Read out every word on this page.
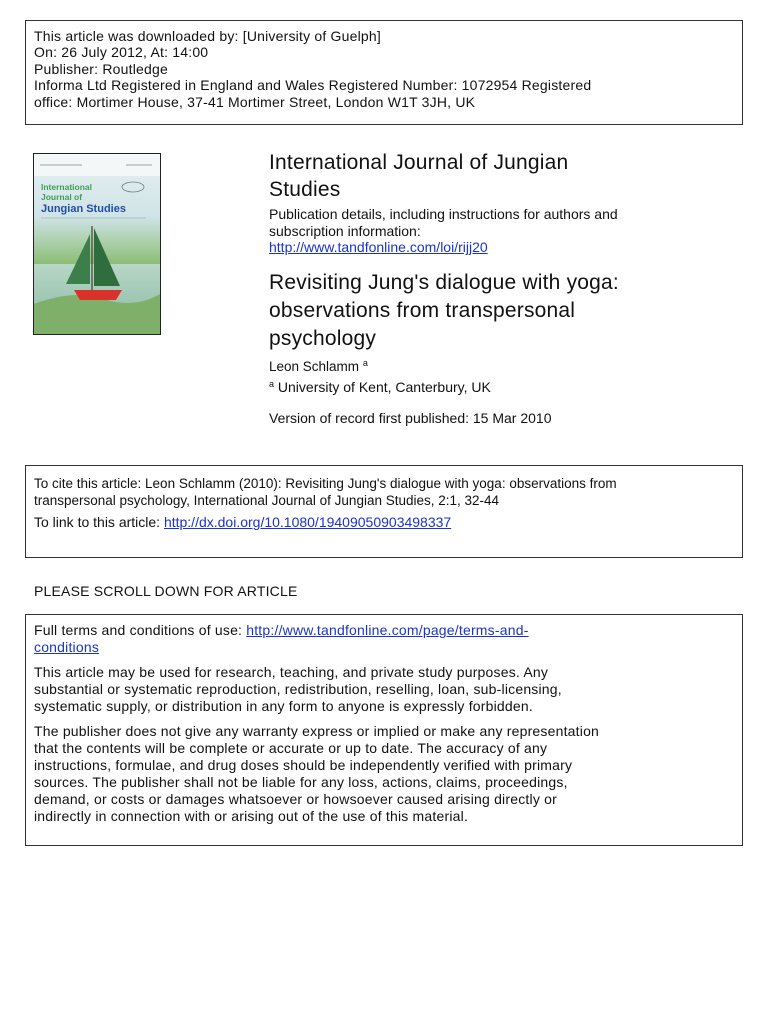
This article was downloaded by: [University of Guelph]
On: 26 July 2012, At: 14:00
Publisher: Routledge
Informa Ltd Registered in England and Wales Registered Number: 1072954 Registered
office: Mortimer House, 37-41 Mortimer Street, London W1T 3JH, UK
International
Journal of
Jungian Studies
International Journal of Jungian
Studies
Publication details, including instructions for authors and
subscription information:
http://www.tandfonline.com/loi/rijj20
Revisiting Jung's dialogue with yoga:
observations from transpersonal
psychology
Leon Schlamm $^a$
$^a$ University of Kent, Canterbury, UK
Version of record first published: 15 Mar 2010
To cite this article: Leon Schlamm (2010): Revisiting Jung's dialogue with yoga: observations from
transpersonal psychology, International Journal of Jungian Studies, 2:1, 32-44
To link to this article: http://dx.doi.org/10.1080/19409050903498337
PLEASE SCROLL DOWN FOR ARTICLE

Full terms and conditions of use: http://www.tandfonline.com/page/terms-and-
conditions

This article may be used for research, teaching, and private study purposes. Any
substantial or systematic reproduction, redistribution, reselling, loan, sub-licensing,
systematic supply, or distribution in any form to anyone is expressly forbidden.

The publisher does not give any warranty express or implied or make any representation
that the contents will be complete or accurate or up to date. The accuracy of any
instructions, formulae, and drug doses should be independently verified with primary
sources. The publisher shall not be liable for any loss, actions, claims, proceedings,
demand, or costs or damages whatsoever or howsoever caused arising directly or
indirectly in connection with or arising out of the use of this material.
